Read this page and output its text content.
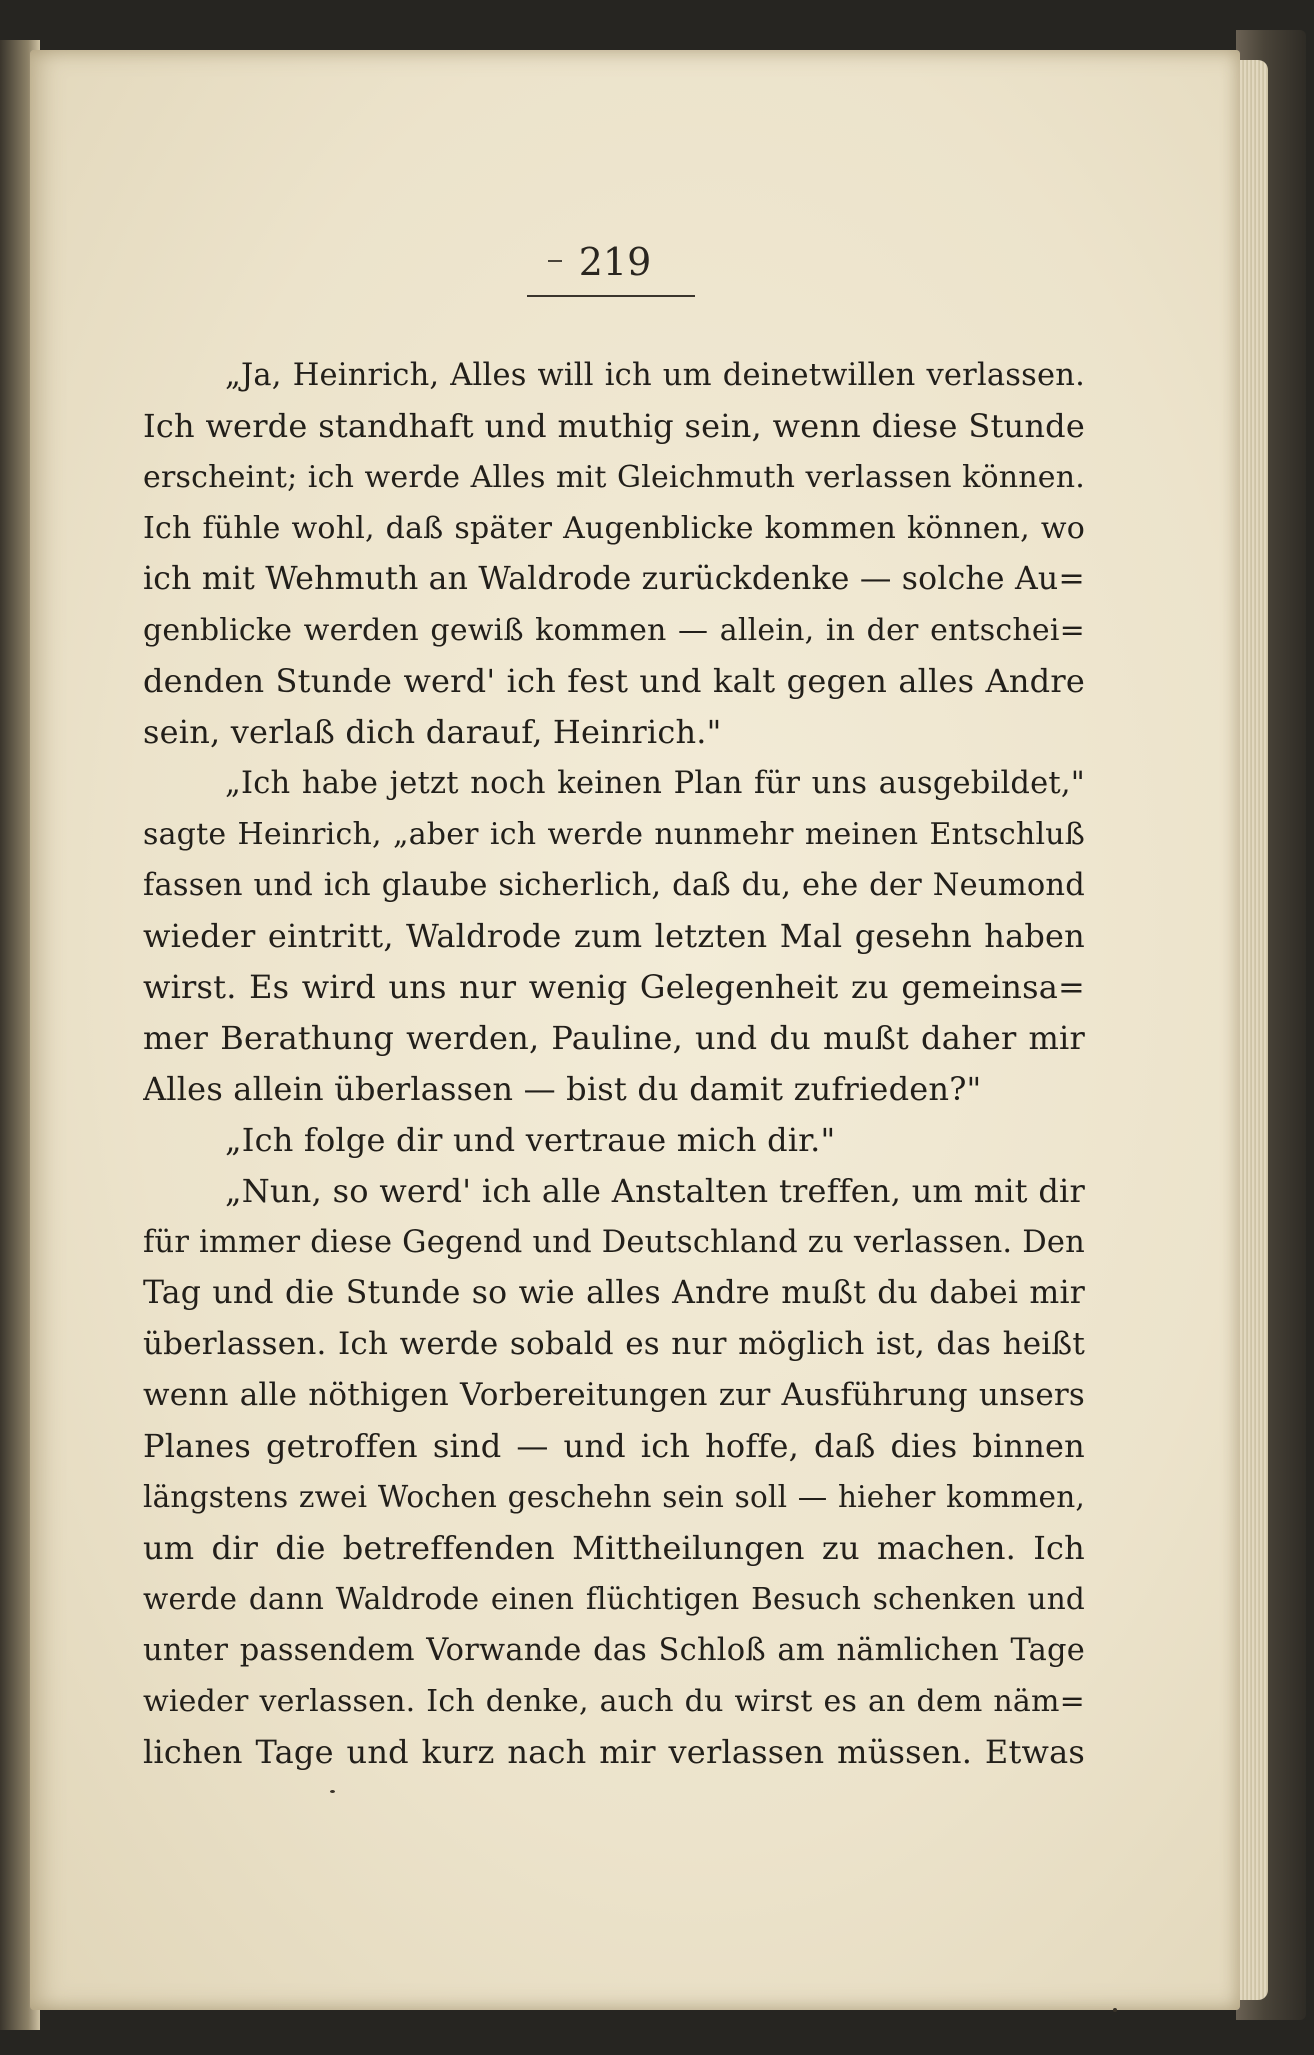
219
„Ja, Heinrich, Alles will ich um deinetwillen verlassen.
Ich werde standhaft und muthig sein, wenn diese Stunde
erscheint; ich werde Alles mit Gleichmuth verlassen können.
Ich fühle wohl, daß später Augenblicke kommen können, wo
ich mit Wehmuth an Waldrode zurückdenke — solche Au=
genblicke werden gewiß kommen — allein, in der entschei=
denden Stunde werd' ich fest und kalt gegen alles Andre
sein, verlaß dich darauf, Heinrich."
„Ich habe jetzt noch keinen Plan für uns ausgebildet,"
sagte Heinrich, „aber ich werde nunmehr meinen Entschluß
fassen und ich glaube sicherlich, daß du, ehe der Neumond
wieder eintritt, Waldrode zum letzten Mal gesehn haben
wirst. Es wird uns nur wenig Gelegenheit zu gemeinsa=
mer Berathung werden, Pauline, und du mußt daher mir
Alles allein überlassen — bist du damit zufrieden?"
„Ich folge dir und vertraue mich dir."
„Nun, so werd' ich alle Anstalten treffen, um mit dir
für immer diese Gegend und Deutschland zu verlassen. Den
Tag und die Stunde so wie alles Andre mußt du dabei mir
überlassen. Ich werde sobald es nur möglich ist, das heißt
wenn alle nöthigen Vorbereitungen zur Ausführung unsers
Planes getroffen sind — und ich hoffe, daß dies binnen
längstens zwei Wochen geschehn sein soll — hieher kommen,
um dir die betreffenden Mittheilungen zu machen. Ich
werde dann Waldrode einen flüchtigen Besuch schenken und
unter passendem Vorwande das Schloß am nämlichen Tage
wieder verlassen. Ich denke, auch du wirst es an dem näm=
lichen Tage und kurz nach mir verlassen müssen. Etwas
